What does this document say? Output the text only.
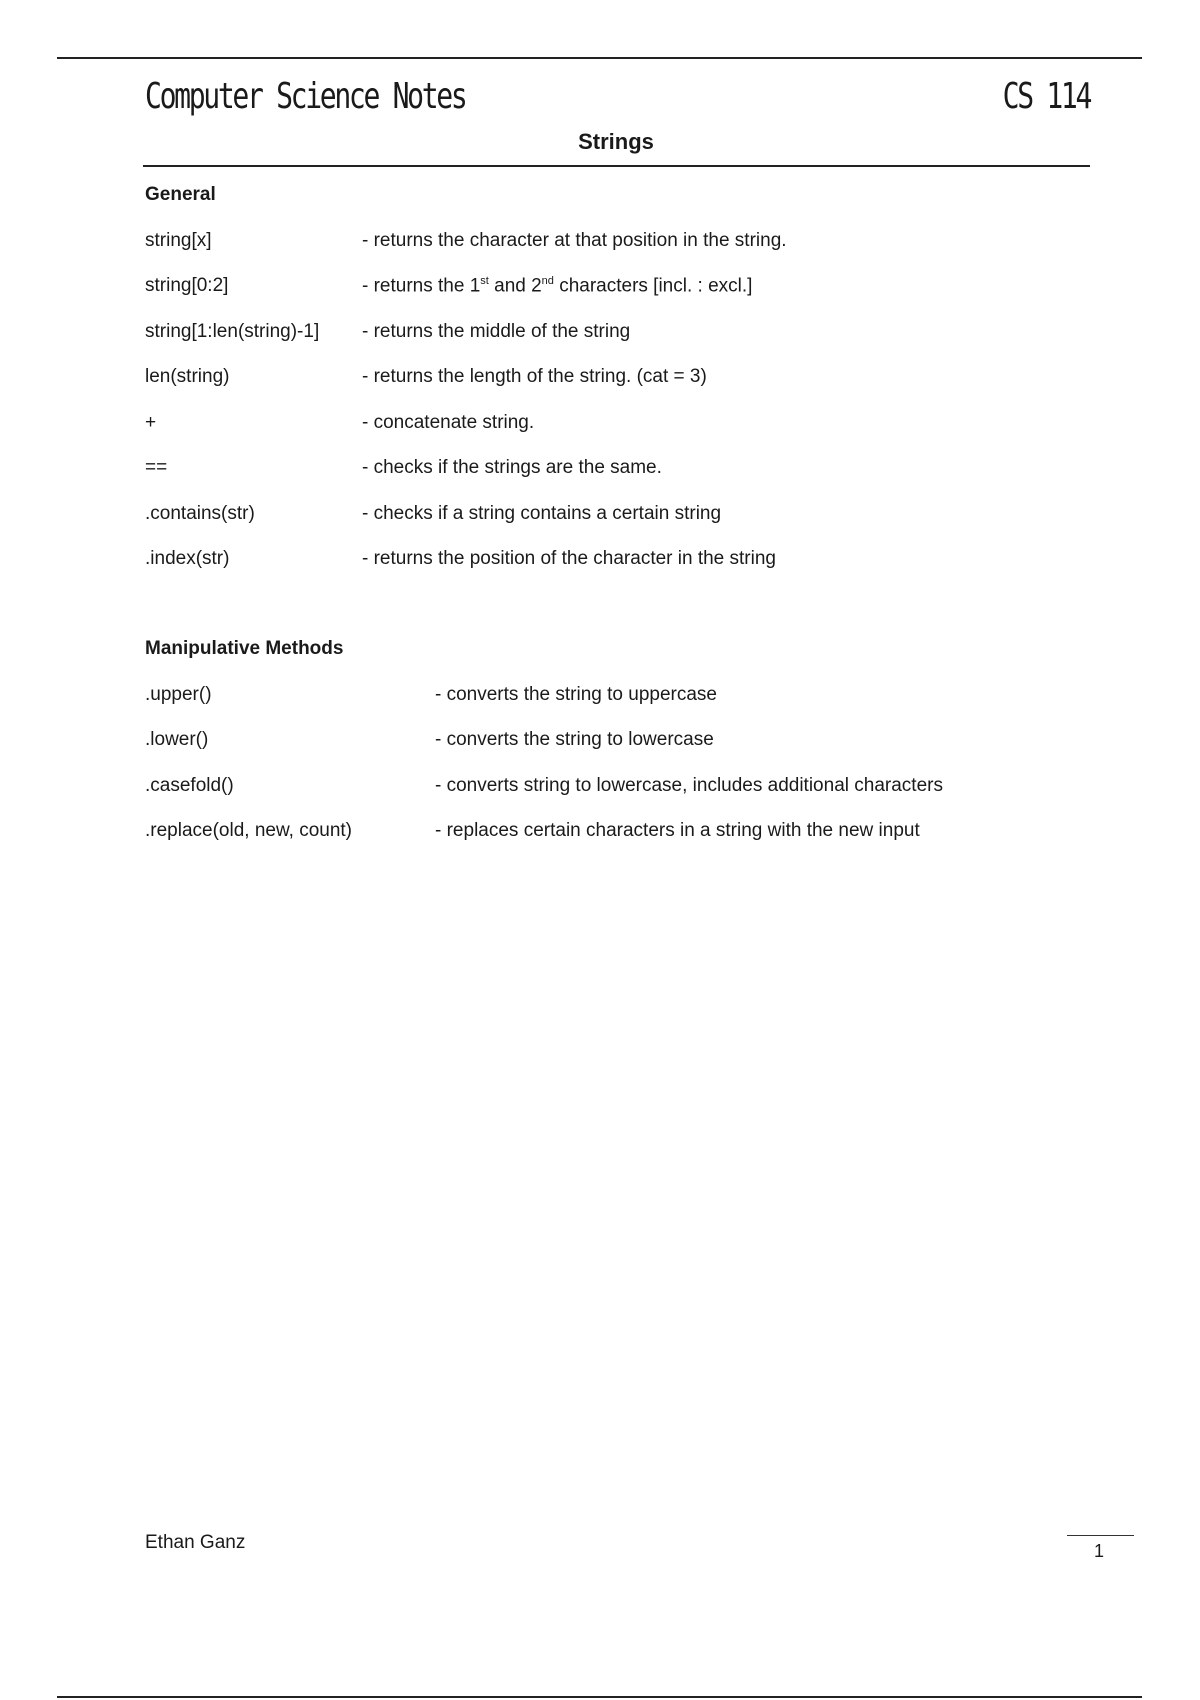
Computer Science Notes	CS 114
Strings
General
string[x]	- returns the character at that position in the string.
string[0:2]	- returns the 1st and 2nd characters [incl. : excl.]
string[1:len(string)-1] - returns the middle of the string
len(string)	- returns the length of the string. (cat = 3)
+	- concatenate string.
==	- checks if the strings are the same.
.contains(str)	- checks if a string contains a certain string
.index(str)	- returns the position of the character in the string
Manipulative Methods
.upper()	- converts the string to uppercase
.lower()	- converts the string to lowercase
.casefold()	- converts string to lowercase, includes additional characters
.replace(old, new, count)	- replaces certain characters in a string with the new input
Ethan Ganz	1
